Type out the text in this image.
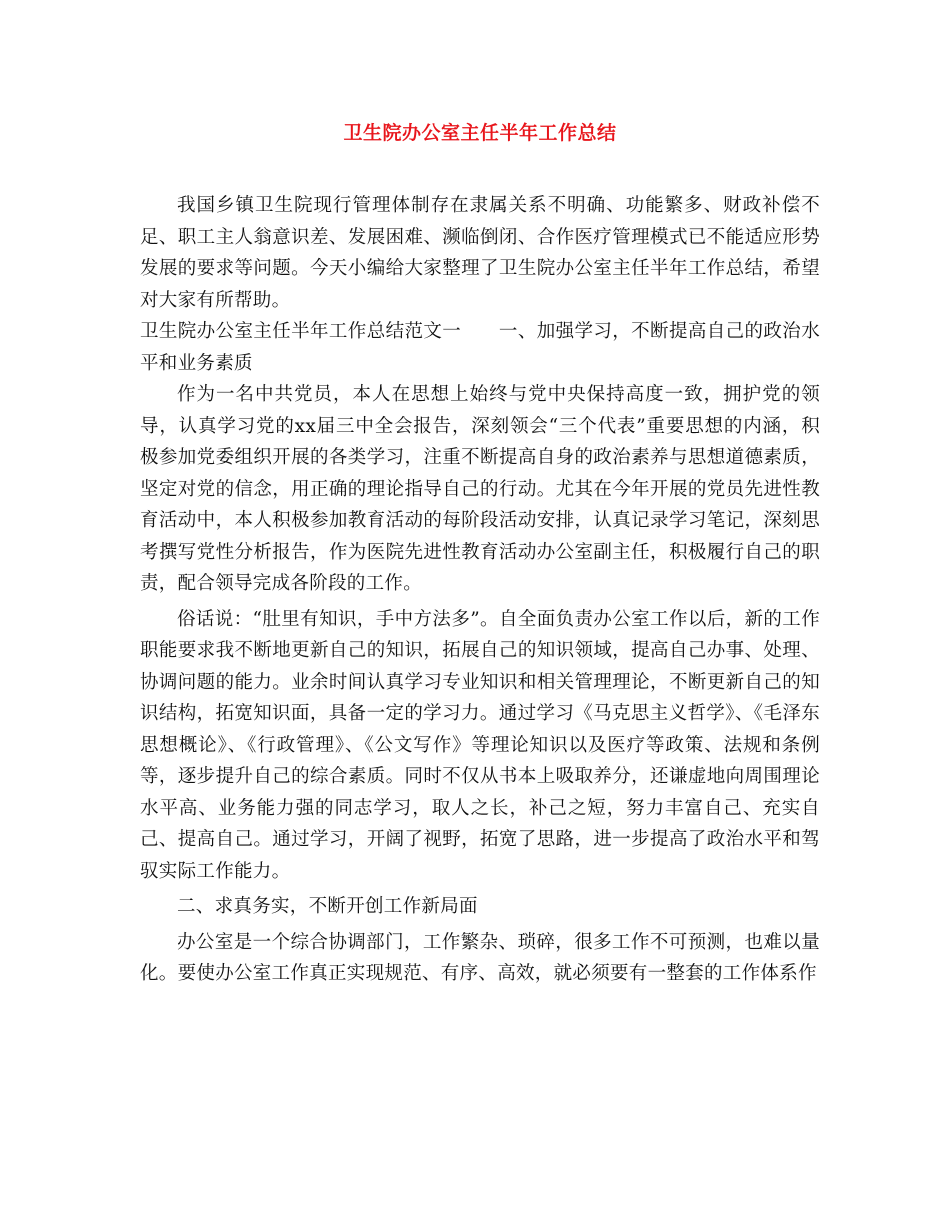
卫生院办公室主任半年工作总结

我国乡镇卫生院现行管理体制存在隶属关系不明确、功能繁多、财政补偿不足、职工主人翁意识差、发展困难、濒临倒闭、合作医疗管理模式已不能适应形势发展的要求等问题。今天小编给大家整理了卫生院办公室主任半年工作总结，希望对大家有所帮助。

卫生院办公室主任半年工作总结范文一　　一、加强学习，不断提高自己的政治水平和业务素质

作为一名中共党员，本人在思想上始终与党中央保持高度一致，拥护党的领导，认真学习党的xx届三中全会报告，深刻领会“三个代表”重要思想的内涵，积极参加党委组织开展的各类学习，注重不断提高自身的政治素养与思想道德素质，坚定对党的信念，用正确的理论指导自己的行动。尤其在今年开展的党员先进性教育活动中，本人积极参加教育活动的每阶段活动安排，认真记录学习笔记，深刻思考撰写党性分析报告，作为医院先进性教育活动办公室副主任，积极履行自己的职责，配合领导完成各阶段的工作。

俗话说：“肚里有知识，手中方法多”。自全面负责办公室工作以后，新的工作职能要求我不断地更新自己的知识，拓展自己的知识领域，提高自己办事、处理、协调问题的能力。业余时间认真学习专业知识和相关管理理论，不断更新自己的知识结构，拓宽知识面，具备一定的学习力。通过学习《马克思主义哲学》、《毛泽东思想概论》、《行政管理》、《公文写作》等理论知识以及医疗等政策、法规和条例等，逐步提升自己的综合素质。同时不仅从书本上吸取养分，还谦虚地向周围理论水平高、业务能力强的同志学习，取人之长，补己之短，努力丰富自己、充实自己、提高自己。通过学习，开阔了视野，拓宽了思路，进一步提高了政治水平和驾驭实际工作能力。

二、求真务实，不断开创工作新局面

办公室是一个综合协调部门，工作繁杂、琐碎，很多工作不可预测，也难以量化。要使办公室工作真正实现规范、有序、高效，就必须要有一整套的工作体系作
